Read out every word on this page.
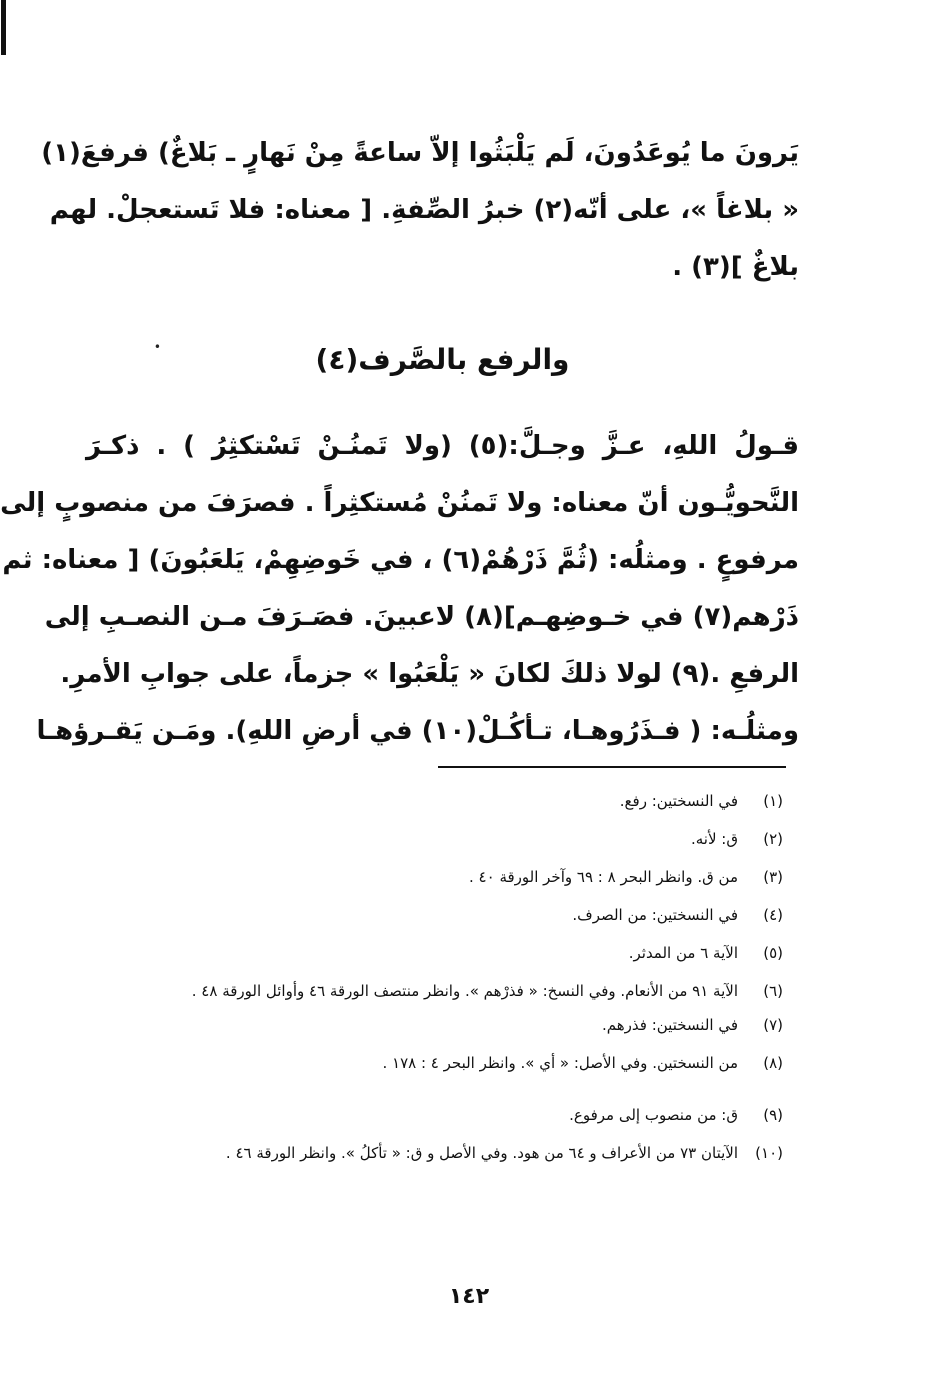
•
يَرونَ ما يُوعَدُونَ، لَم يَلْبَثُوا إلاّ ساعةً مِنْ نَهارٍ ـ بَلاغٌ) فرفعَ(١)
« بلاغاً »، على أنّه(٢) خبرُ الصِّفةِ. [ معناه: فلا تَستعجلْ. لهم
بلاغٌ ](٣) .
والرفع بالصَّرف(٤)
قـولُ اللهِ، عـزَّ وجـلَّ:(٥) (ولا تَمنُـنْ تَسْتكثِرُ ) . ذكـرَ
النَّحويُّـون أنّ معناه: ولا تَمنُنْ مُستكثِراً . فصرَفَ من منصوبٍ إلى
مرفوعٍ . ومثلُه: (ثُمَّ ذَرْهُمْ(٦) ، في خَوضِهِمْ، يَلعَبُونَ) [ معناه: ثم
ذَرْهم(٧) في خـوضِهـم](٨) لاعبينَ. فصَـرَفَ مـن النصـبِ إلى
الرفعِ .(٩) لولا ذلكَ لكانَ « يَلْعَبُوا » جزماً، على جوابِ الأمرِ.
ومثلُـه: ( فـذَرُوهـا، تـأكُـلْ(١٠) في أرضِ اللهِ). ومَـن يَقـرؤهـا
(١)
في النسختين: رفع.
(٢)
ق: لأنه.
(٣)
من ق. وانظر البحر ٨ : ٦٩ وآخر الورقة ٤٠ .
(٤)
في النسختين: من الصرف.
(٥)
الآية ٦ من المدثر.
(٦)
الآية ٩١ من الأنعام. وفي النسخ: « فذرْهم ». وانظر منتصف الورقة ٤٦ وأوائل الورقة ٤٨ .
(٧)
في النسختين: فذرهم.
(٨)
من النسختين. وفي الأصل: « أي ». وانظر البحر ٤ : ١٧٨ .
(٩)
ق: من منصوب إلى مرفوع.
(١٠)
الآيتان ٧٣ من الأعراف و ٦٤ من هود. وفي الأصل و ق: « تأكلُ ». وانظر الورقة ٤٦ .
١٤٢
